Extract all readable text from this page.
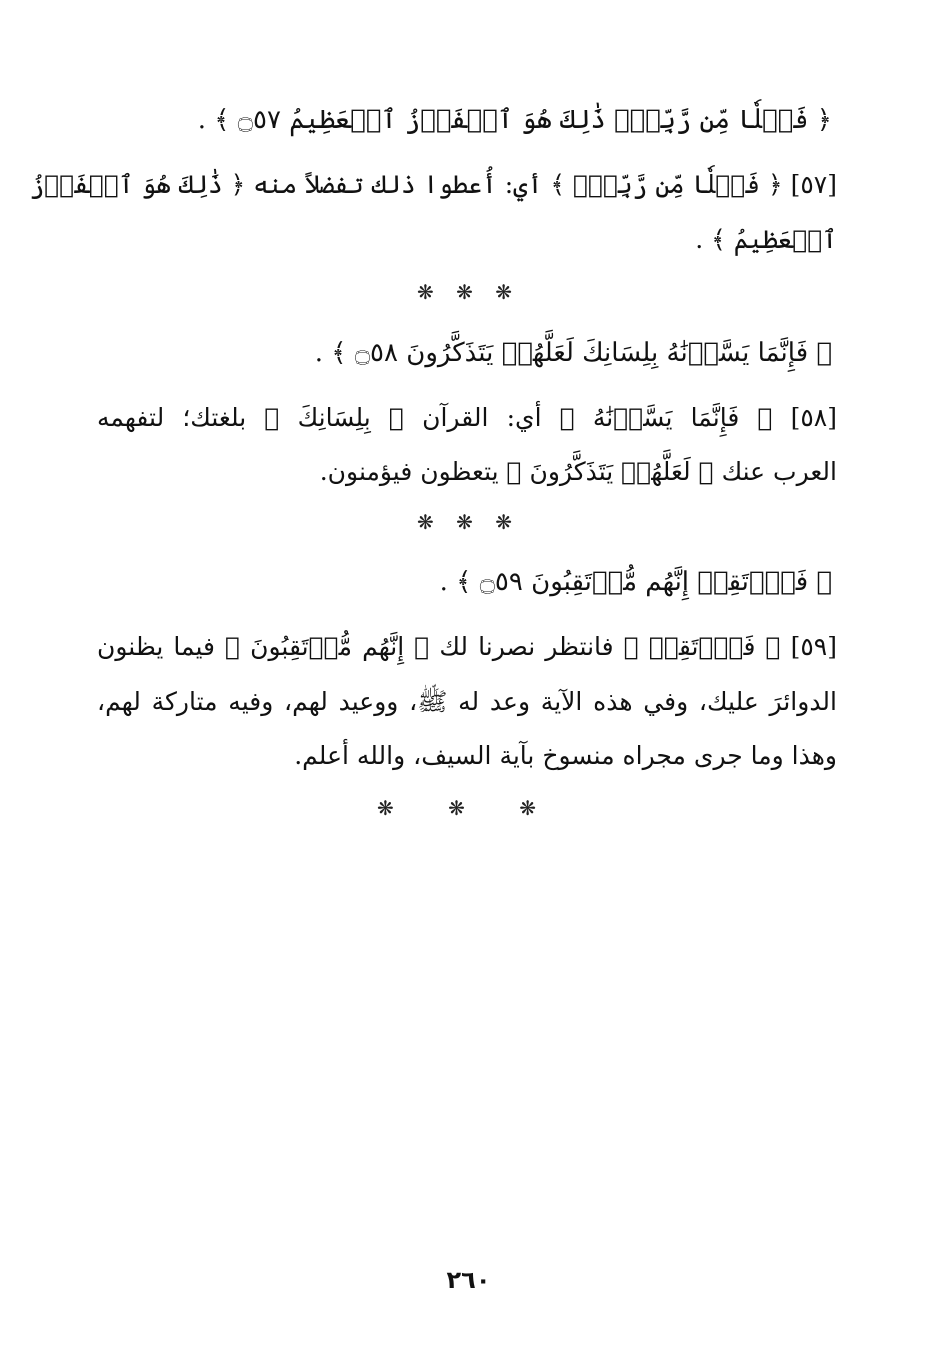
﴿ فَضۡلٗا مِّن رَّبِّكَۚ ذَٰلِكَ هُوَ ٱلۡفَوۡزُ ٱلۡعَظِيمُ ۝٥٧ ﴾ .
[٥٧] ﴿ فَضۡلٗا مِّن رَّبِّكَۚ ﴾ أي: أُعطوا ذلك تفضلاً منه ﴿ ذَٰلِكَ هُوَ ٱلۡفَوۡزُ
ٱلۡعَظِيمُ ﴾ .
❋ ❋ ❋
﴿ فَإِنَّمَا يَسَّرۡنَٰهُ بِلِسَانِكَ لَعَلَّهُمۡ يَتَذَكَّرُونَ ۝٥٨ ﴾ .
[٥٨] ﴿ فَإِنَّمَا يَسَّرۡنَٰهُ ﴾ أي: القرآن ﴿ بِلِسَانِكَ ﴾ بلغتك؛ لتفهمه
العرب عنك ﴿ لَعَلَّهُمۡ يَتَذَكَّرُونَ ﴾ يتعظون فيؤمنون.
❋ ❋ ❋
﴿ فَٱرۡتَقِبۡ إِنَّهُم مُّرۡتَقِبُونَ ۝٥٩ ﴾ .
[٥٩] ﴿ فَٱرۡتَقِبۡ ﴾ فانتظر نصرنا لك ﴿ إِنَّهُم مُّرۡتَقِبُونَ ﴾ فيما يظنون
الدوائرَ عليك، وفي هذه الآية وعد له ﷺ، ووعيد لهم، وفيه متاركة لهم،
وهذا وما جرى مجراه منسوخ بآية السيف، والله أعلم.
❋ ❋ ❋
٢٦٠
